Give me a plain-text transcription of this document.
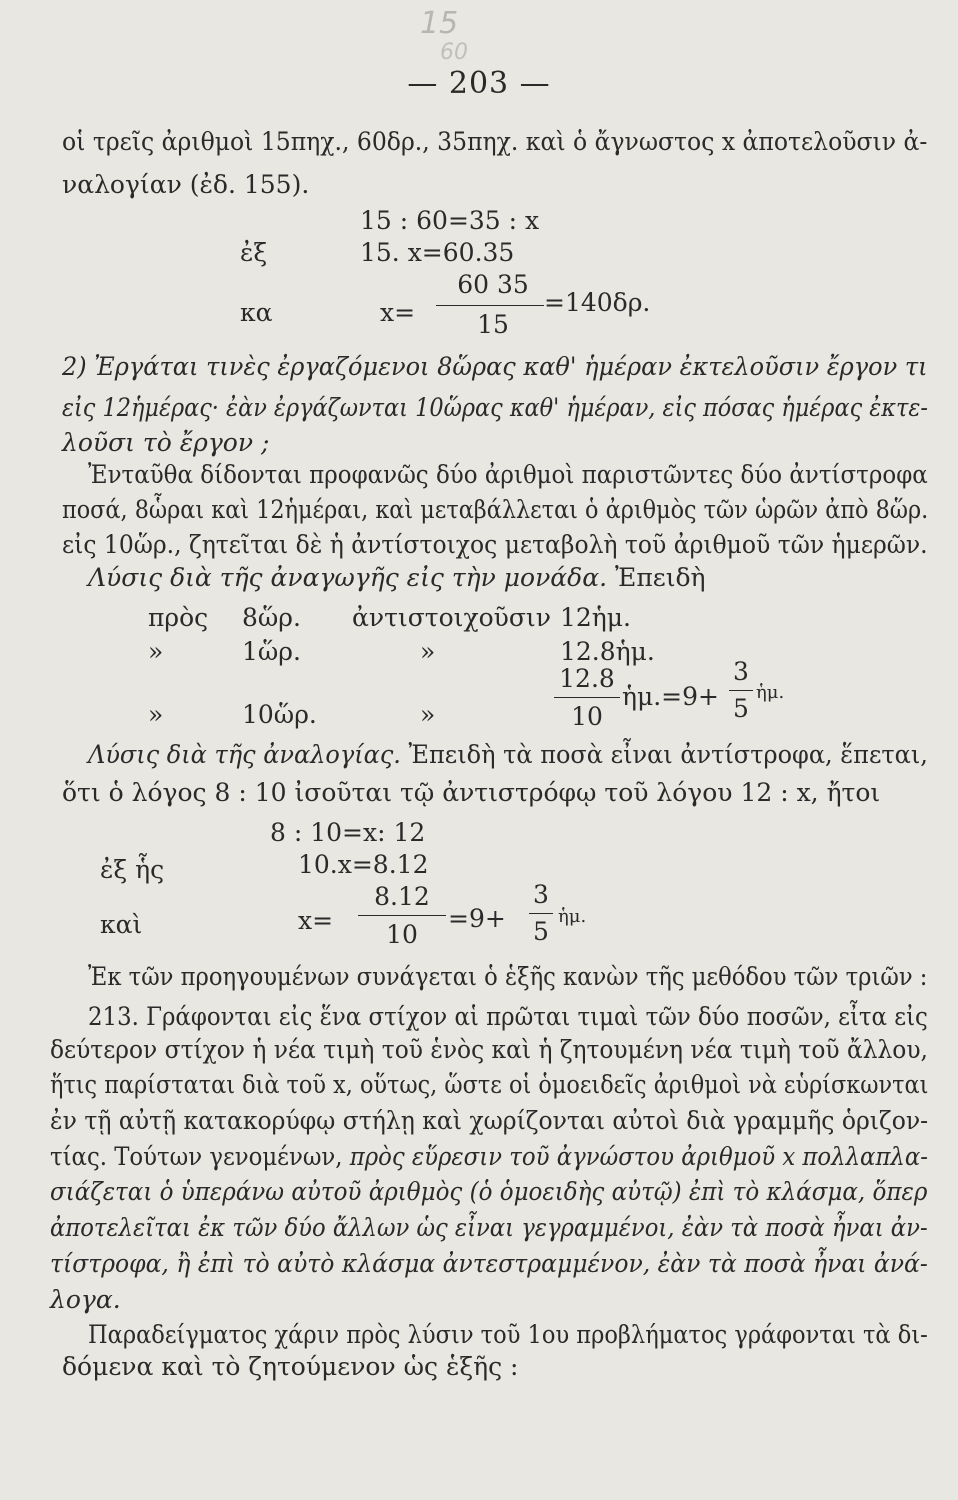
15
60
— 203 —
οἱ τρεῖς ἀριθμοὶ 15πηχ., 60δρ., 35πηχ. καὶ ὁ ἄγνωστος x ἀποτελοῦσιν ἀ-
ναλογίαν (ἐδ. 155).
15 : 60=35 : x
ἐξ	15. x=60.35
κα	x=
60 35
15
=140δρ.
2) Ἐργάται τινὲς ἐργαζόμενοι 8ὥρας καθ' ἡμέραν ἐκτελοῦσιν ἔργον τι
εἰς 12ἡμέρας· ἐὰν ἐργάζωνται 10ὥρας καθ' ἡμέραν, εἰς πόσας ἡμέρας ἐκτε-
λοῦσι τὸ ἔργον ;
Ἐνταῦθα δίδονται προφανῶς δύο ἀριθμοὶ παριστῶντες δύο ἀντίστροφα
ποσά, 8ὧραι καὶ 12ἡμέραι, καὶ μεταβάλλεται ὁ ἀριθμὸς τῶν ὡρῶν ἀπὸ 8ὥρ.
εἰς 10ὥρ., ζητεῖται δὲ ἡ ἀντίστοιχος μεταβολὴ τοῦ ἀριθμοῦ τῶν ἡμερῶν.
Λύσις διὰ τῆς ἀναγωγῆς εἰς τὴν μονάδα. Ἐπειδὴ
πρὸς 8ὥρ. ἀντιστοιχοῦσιν 12ἡμ.
»	1ὥρ.	»	12.8ἡμ.
»	10ὥρ.	»
12.8
10
ἡμ.=9+
3
5
ἡμ.
Λύσις διὰ τῆς ἀναλογίας. Ἐπειδὴ τὰ ποσὰ εἶναι ἀντίστροφα, ἕπεται,
ὅτι ὁ λόγος 8 : 10 ἰσοῦται τῷ ἀντιστρόφῳ τοῦ λόγου 12 : x, ἤτοι
8 : 10=x: 12
ἐξ ἧς	10.x=8.12
καὶ	x=
8.12
10
=9+
3
5
ἡμ.
Ἐκ τῶν προηγουμένων συνάγεται ὁ ἑξῆς κανὼν τῆς μεθόδου τῶν τριῶν :
213. Γράφονται εἰς ἕνα στίχον αἱ πρῶται τιμαὶ τῶν δύο ποσῶν, εἶτα εἰς
δεύτερον στίχον ἡ νέα τιμὴ τοῦ ἑνὸς καὶ ἡ ζητουμένη νέα τιμὴ τοῦ ἄλλου,
ἥτις παρίσταται διὰ τοῦ x, οὕτως, ὥστε οἱ ὁμοειδεῖς ἀριθμοὶ νὰ εὑρίσκωνται
ἐν τῇ αὐτῇ κατακορύφῳ στήλῃ καὶ χωρίζονται αὐτοὶ διὰ γραμμῆς ὁριζον-
τίας. Τούτων γενομένων, πρὸς εὕρεσιν τοῦ ἀγνώστου ἀριθμοῦ x πολλαπλα-
σιάζεται ὁ ὑπεράνω αὐτοῦ ἀριθμὸς (ὁ ὁμοειδὴς αὐτῷ) ἐπὶ τὸ κλάσμα, ὅπερ
ἀποτελεῖται ἐκ τῶν δύο ἄλλων ὡς εἶναι γεγραμμένοι, ἐὰν τὰ ποσὰ ἦναι ἀν-
τίστροφα, ἢ ἐπὶ τὸ αὐτὸ κλάσμα ἀντεστραμμένον, ἐὰν τὰ ποσὰ ἦναι ἀνά-
λογα.
Παραδείγματος χάριν πρὸς λύσιν τοῦ 1ου προβλήματος γράφονται τὰ δι-
δόμενα καὶ τὸ ζητούμενον ὡς ἑξῆς :
